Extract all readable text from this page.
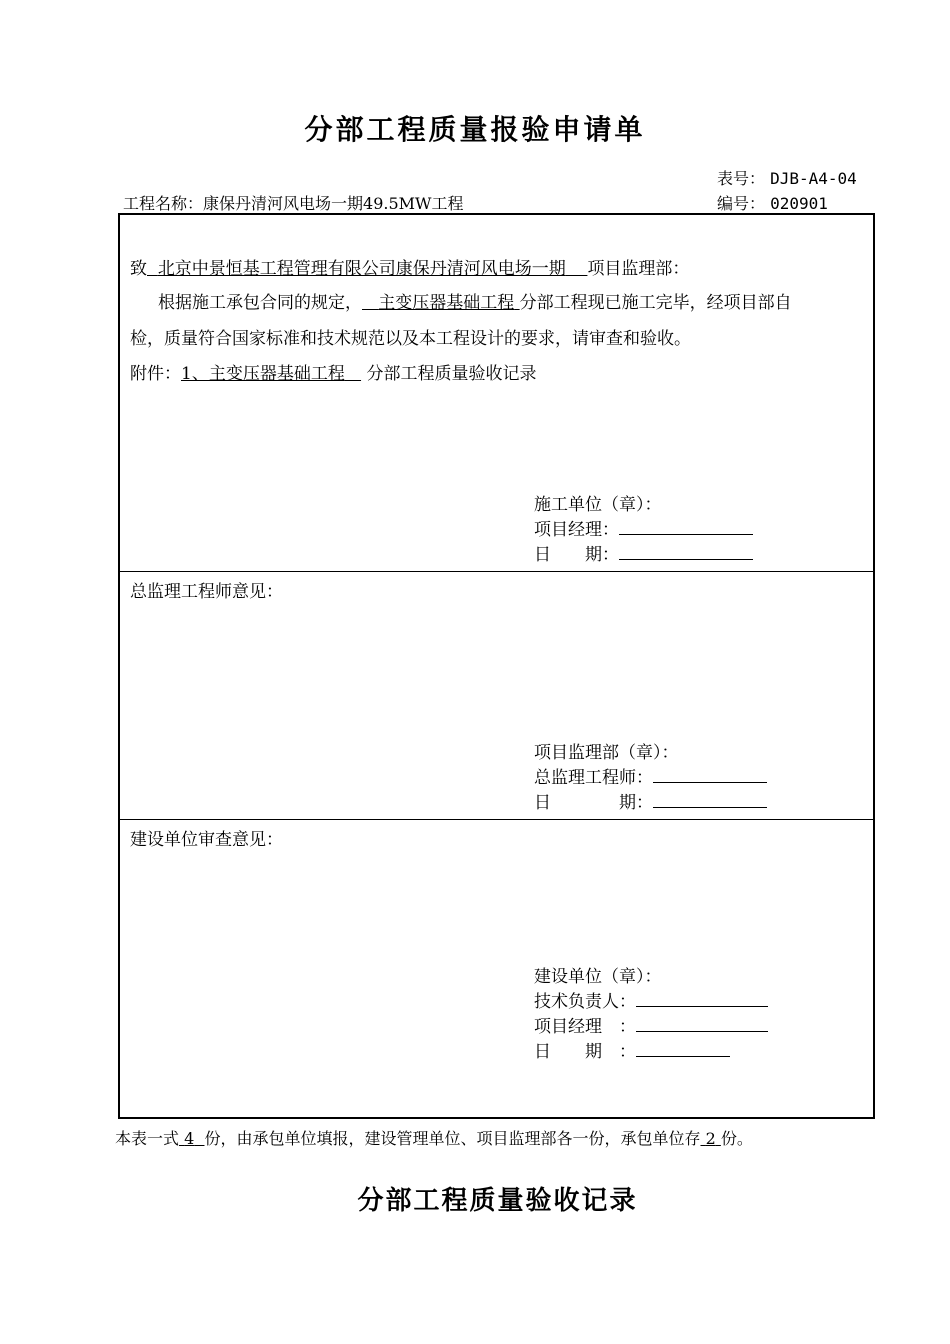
分部工程质量报验申请单
表号： DJB-A4-04
工程名称：康保丹清河风电场一期49.5MW工程	编号： 020901
致 北京中景恒基工程管理有限公司康保丹清河风电场一期 项目监理部：
根据施工承包合同的规定， 主变压器基础工程 分部工程现已施工完毕，经项目部自
检，质量符合国家标准和技术规范以及本工程设计的要求，请审查和验收。
附件：1、主变压器基础工程 分部工程质量验收记录
施工单位（章）：
项目经理：
日　　期：
总监理工程师意见：
项目监理部（章）：
总监理工程师：
日　　　　期：
建设单位审查意见：
建设单位（章）：
技术负责人：
项目经理　：
日　　期　：
本表一式 4 份，由承包单位填报，建设管理单位、项目监理部各一份，承包单位存 2 份。
分部工程质量验收记录
